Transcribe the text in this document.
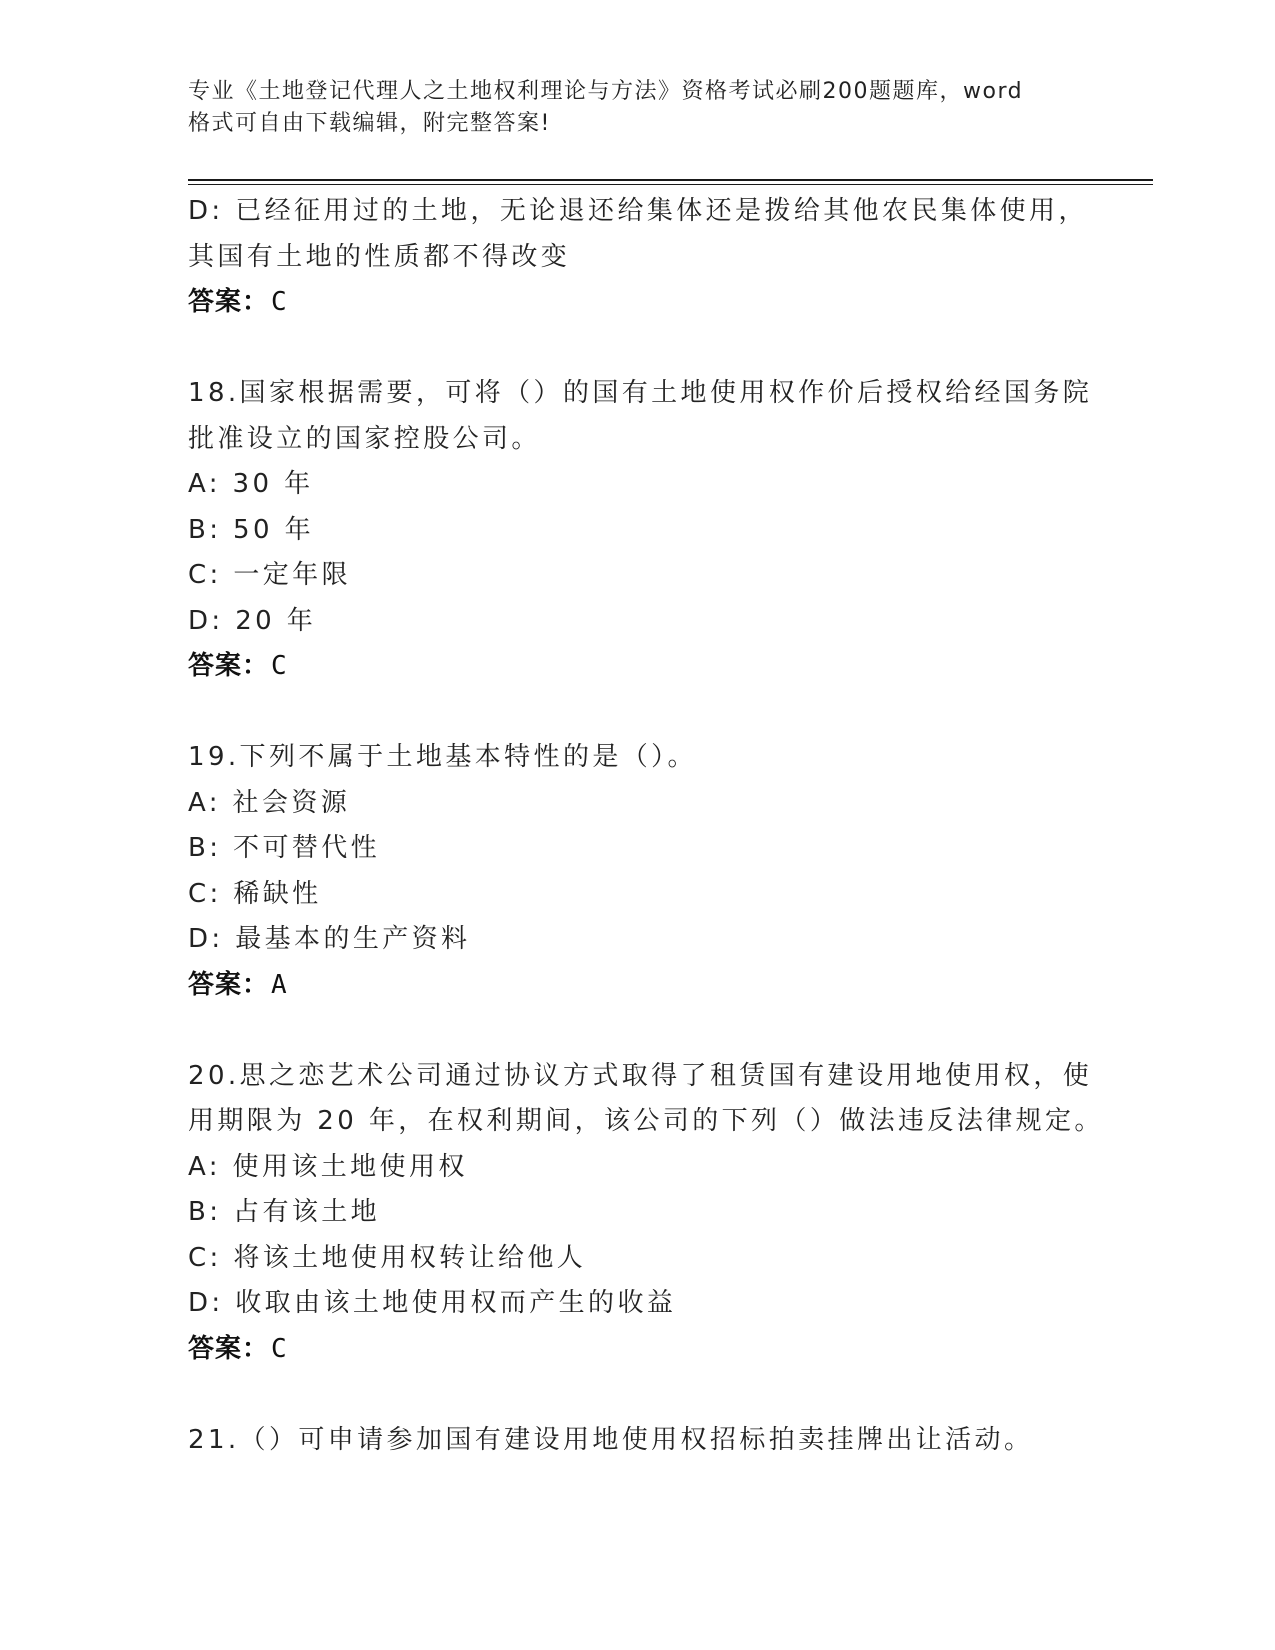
专业《土地登记代理人之土地权利理论与方法》资格考试必刷200题题库，word
格式可自由下载编辑，附完整答案!
D: 已经征用过的土地，无论退还给集体还是拨给其他农民集体使用，
其国有土地的性质都不得改变
答案：C
18.国家根据需要，可将（）的国有土地使用权作价后授权给经国务院
批准设立的国家控股公司。
A: 30 年
B: 50 年
C: 一定年限
D: 20 年
答案：C
19.下列不属于土地基本特性的是（）。
A: 社会资源
B: 不可替代性
C: 稀缺性
D: 最基本的生产资料
答案：A
20.思之恋艺术公司通过协议方式取得了租赁国有建设用地使用权，使
用期限为 20 年，在权利期间，该公司的下列（）做法违反法律规定。
A: 使用该土地使用权
B: 占有该土地
C: 将该土地使用权转让给他人
D: 收取由该土地使用权而产生的收益
答案：C
21.（）可申请参加国有建设用地使用权招标拍卖挂牌出让活动。
